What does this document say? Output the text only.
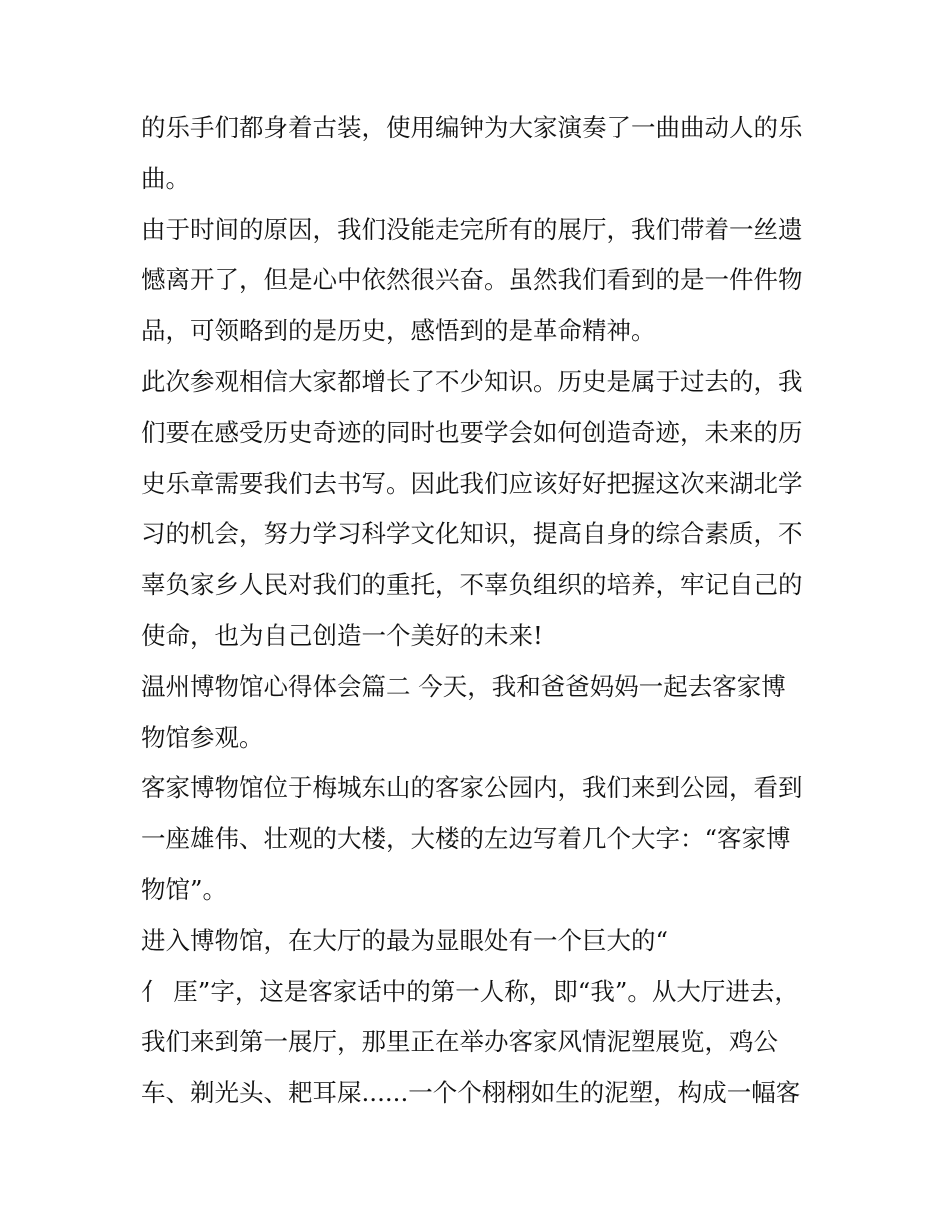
的乐手们都身着古装，使用编钟为大家演奏了一曲曲动人的乐
曲。
由于时间的原因，我们没能走完所有的展厅，我们带着一丝遗
憾离开了，但是心中依然很兴奋。虽然我们看到的是一件件物
品，可领略到的是历史，感悟到的是革命精神。
此次参观相信大家都增长了不少知识。历史是属于过去的，我
们要在感受历史奇迹的同时也要学会如何创造奇迹，未来的历
史乐章需要我们去书写。因此我们应该好好把握这次来湖北学
习的机会，努力学习科学文化知识，提高自身的综合素质，不
辜负家乡人民对我们的重托，不辜负组织的培养，牢记自己的
使命，也为自己创造一个美好的未来!
温州博物馆心得体会篇二 今天，我和爸爸妈妈一起去客家博
物馆参观。
客家博物馆位于梅城东山的客家公园内，我们来到公园，看到
一座雄伟、壮观的大楼，大楼的左边写着几个大字：“客家博
物馆”。
进入博物馆，在大厅的最为显眼处有一个巨大的“
亻 厓”字，这是客家话中的第一人称，即“我”。从大厅进去，
我们来到第一展厅，那里正在举办客家风情泥塑展览，鸡公
车、剃光头、耙耳屎......一个个栩栩如生的泥塑，构成一幅客
